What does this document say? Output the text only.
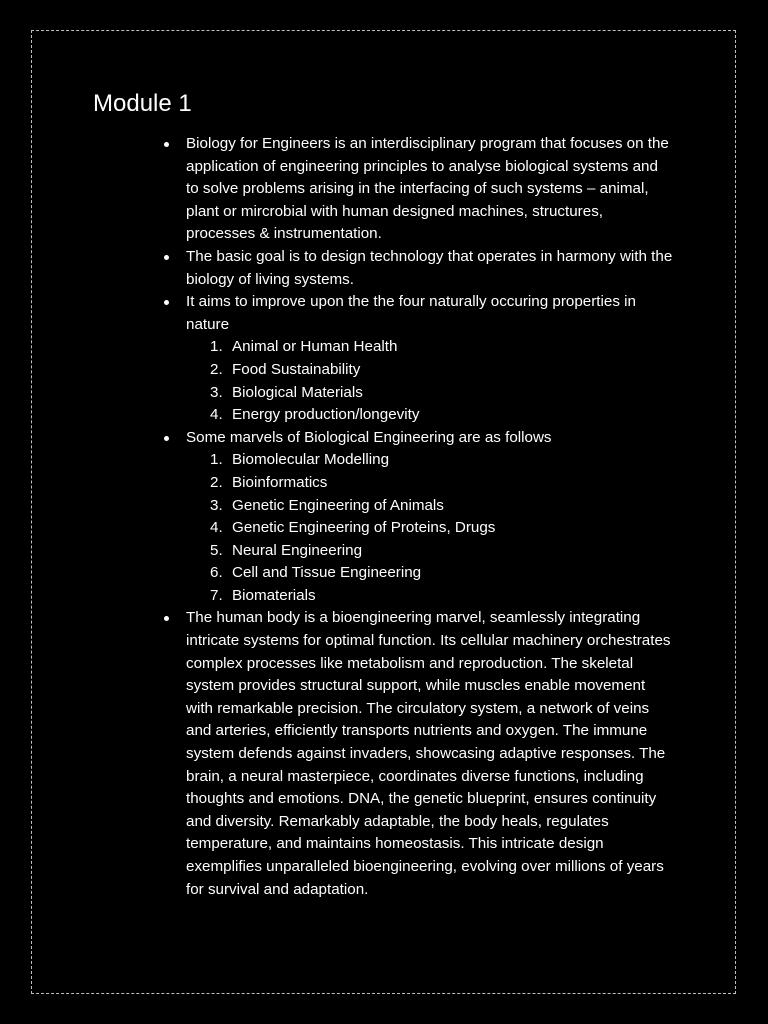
Module 1
Biology for Engineers is an interdisciplinary program that focuses on the application of engineering principles to analyse biological systems and to solve problems arising in the interfacing of such systems – animal, plant or mircrobial with human designed machines, structures, processes & instrumentation.
The basic goal is to design technology that operates in harmony with the biology of living systems.
It aims to improve upon the the four naturally occuring properties in nature
1. Animal or Human Health
2. Food Sustainability
3. Biological Materials
4. Energy production/longevity
Some marvels of Biological Engineering are as follows
1. Biomolecular Modelling
2. Bioinformatics
3. Genetic Engineering of Animals
4. Genetic Engineering of Proteins, Drugs
5. Neural Engineering
6. Cell and Tissue Engineering
7. Biomaterials
The human body is a bioengineering marvel, seamlessly integrating intricate systems for optimal function. Its cellular machinery orchestrates complex processes like metabolism and reproduction. The skeletal system provides structural support, while muscles enable movement with remarkable precision. The circulatory system, a network of veins and arteries, efficiently transports nutrients and oxygen. The immune system defends against invaders, showcasing adaptive responses. The brain, a neural masterpiece, coordinates diverse functions, including thoughts and emotions. DNA, the genetic blueprint, ensures continuity and diversity. Remarkably adaptable, the body heals, regulates temperature, and maintains homeostasis. This intricate design exemplifies unparalleled bioengineering, evolving over millions of years for survival and adaptation.
